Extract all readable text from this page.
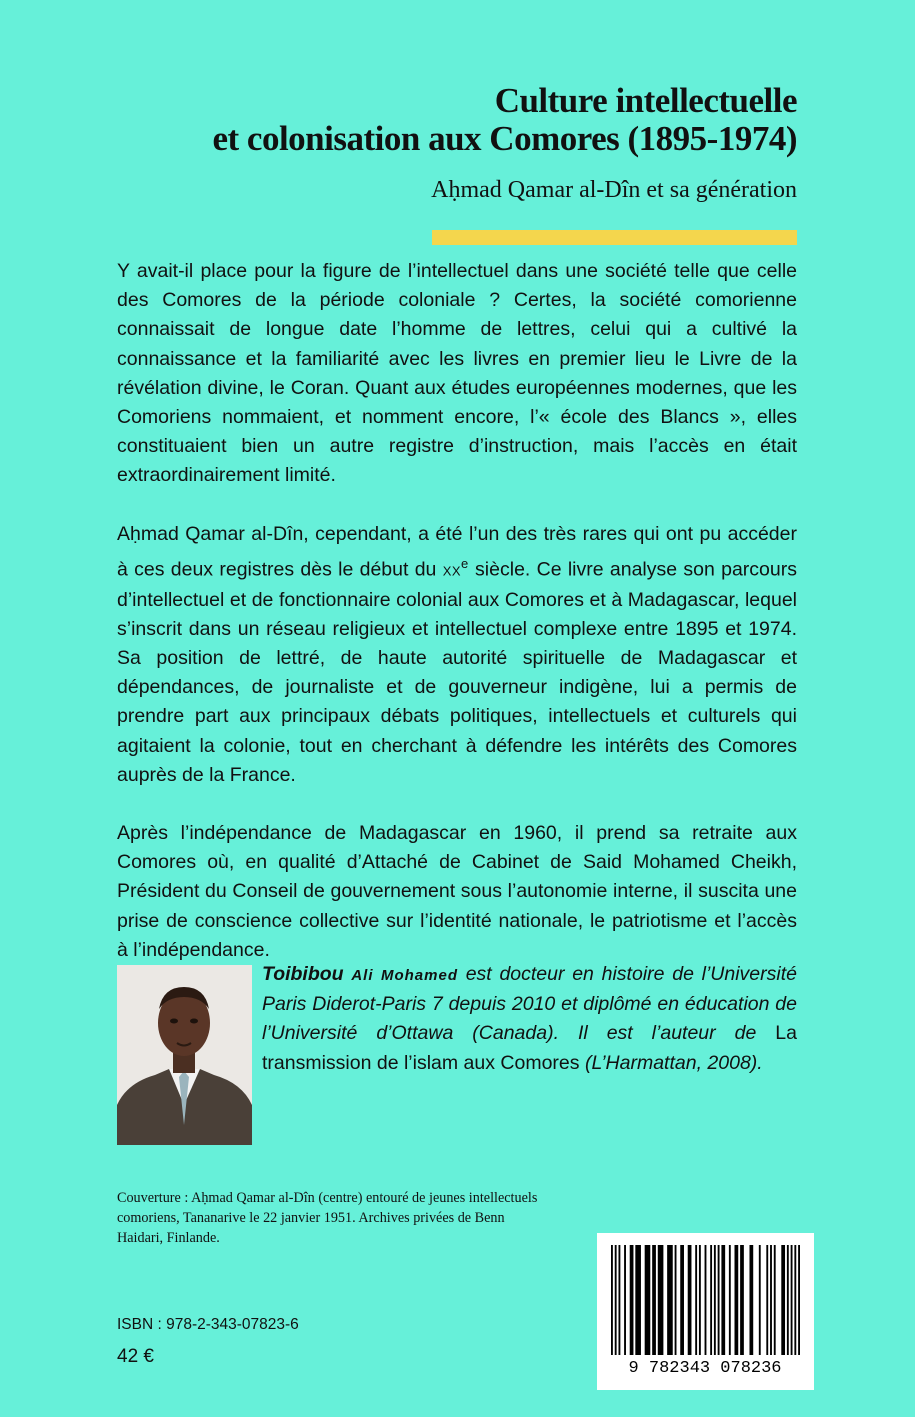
Culture intellectuelle
et colonisation aux Comores (1895-1974)
Aḥmad Qamar al-Dîn et sa génération

Y avait-il place pour la figure de l’intellectuel dans une société telle que celle des Comores de la période coloniale ? Certes, la société comorienne connaissait de longue date l’homme de lettres, celui qui a cultivé la connaissance et la familiarité avec les livres en premier lieu le Livre de la révélation divine, le Coran. Quant aux études européennes modernes, que les Comoriens nommaient, et nomment encore, l’« école des Blancs », elles constituaient bien un autre registre d’instruction, mais l’accès en était extraordinairement limité.

Aḥmad Qamar al-Dîn, cependant, a été l’un des très rares qui ont pu accéder à ces deux registres dès le début du XXe siècle. Ce livre analyse son parcours d’intellectuel et de fonctionnaire colonial aux Comores et à Madagascar, lequel s’inscrit dans un réseau religieux et intellectuel complexe entre 1895 et 1974. Sa position de lettré, de haute autorité spirituelle de Madagascar et dépendances, de journaliste et de gouverneur indigène, lui a permis de prendre part aux principaux débats politiques, intellectuels et culturels qui agitaient la colonie, tout en cherchant à défendre les intérêts des Comores auprès de la France.

Après l’indépendance de Madagascar en 1960, il prend sa retraite aux Comores où, en qualité d’Attaché de Cabinet de Said Mohamed Cheikh, Président du Conseil de gouvernement sous l’autonomie interne, il suscita une prise de conscience collective sur l’identité nationale, le patriotisme et l’accès à l’indépendance.

Toibibou Ali Mohamed est docteur en histoire de l’Université Paris Diderot-Paris 7 depuis 2010 et diplômé en éducation de l’Université d’Ottawa (Canada). Il est l’auteur de La transmission de l’islam aux Comores (L’Harmattan, 2008).
Couverture : Aḥmad Qamar al-Dîn (centre) entouré de jeunes intellectuels comoriens, Tananarive le 22 janvier 1951. Archives privées de Benn Haidari, Finlande.
9 782343 078236
ISBN : 978-2-343-07823-6
42 €
